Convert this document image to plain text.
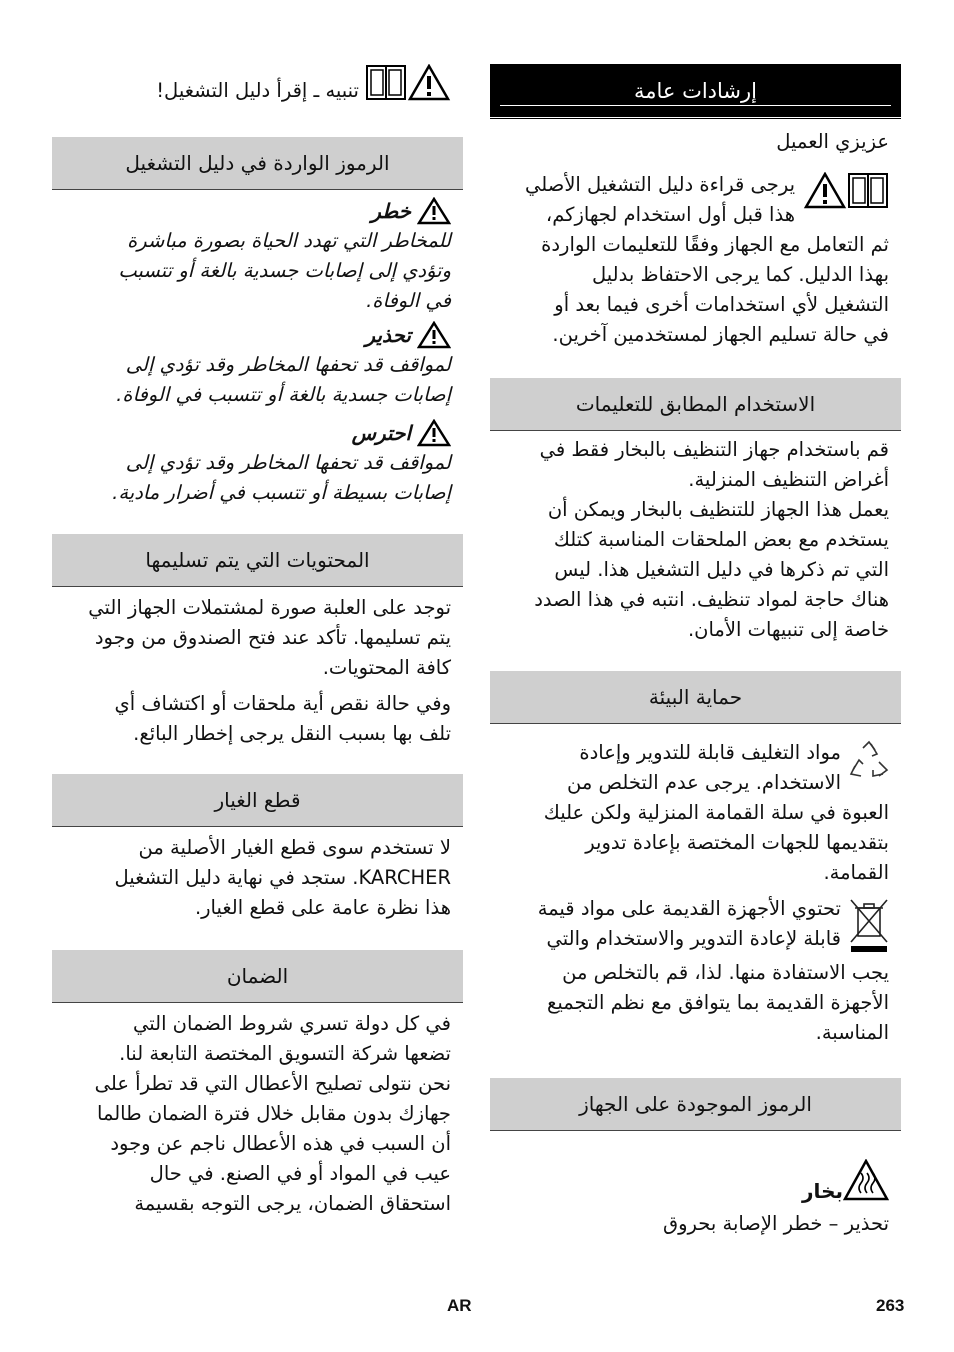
إرشادات عامة

عزيزي العميل

يرجى قراءة دليل التشغيل الأصلي

هذا قبل أول استخدام لجهازكم،

ثم التعامل مع الجهاز وفقًا للتعليمات الواردة

بهذا الدليل. كما يرجى الاحتفاظ بدليل

التشغيل لأي استخدامات أخرى فيما بعد أو

في حالة تسليم الجهاز لمستخدمين آخرين.

الاستخدام المطابق للتعليمات

قم باستخدام جهاز التنظيف بالبخار فقط في

أغراض التنظيف المنزلية.

يعمل هذا الجهاز للتنظيف بالبخار ويمكن أن

يستخدم مع بعض الملحقات المناسبة كتلك

التي تم ذكرها في دليل التشغيل هذا. ليس

هناك حاجة لمواد تنظيف. انتبه في هذا الصدد

خاصة إلى تنبيهات الأمان.

حماية البيئة

مواد التغليف قابلة للتدوير وإعادة

الاستخدام. يرجى عدم التخلص من

العبوة في سلة القمامة المنزلية ولكن عليك

بتقديمها للجهات المختصة بإعادة تدوير

القمامة.

تحتوي الأجهزة القديمة على مواد قيمة

قابلة لإعادة التدوير والاستخدام والتي

يجب الاستفادة منها. لذا، قم بالتخلص من

الأجهزة القديمة بما يتوافق مع نظم التجميع

المناسبة.

الرموز الموجودة على الجهاز
بخار

تحذير – خطر الإصابة بحروق

تنبيه ـ إقرأ دليل التشغيل!
الرموز الواردة في دليل التشغيل
خطر

للمخاطر التي تهدد الحياة بصورة مباشرة

وتؤدي إلى إصابات جسدية بالغة أو تتسبب

في الوفاة.

تحذير

لمواقف قد تحفها المخاطر وقد تؤدي إلى

إصابات جسدية بالغة أو تتسبب في الوفاة.

احترس

لمواقف قد تحفها المخاطر وقد تؤدي إلى

إصابات بسيطة أو تتسبب في أضرار مادية.

المحتويات التي يتم تسليمها

توجد على العلبة صورة لمشتملات الجهاز التي

يتم تسليمها. تأكد عند فتح الصندوق من وجود

كافة المحتويات.

وفي حالة نقص أية ملحقات أو اكتشاف أي

تلف بها بسبب النقل يرجى إخطار البائع.

قطع الغيار

لا تستخدم سوى قطع الغيار الأصلية من

KARCHER. ستجد في نهاية دليل التشغيل

هذا نظرة عامة على قطع الغيار.

الضمان

في كل دولة تسري شروط الضمان التي

تضعها شركة التسويق المختصة التابعة لنا.

نحن نتولى تصليح الأعطال التي قد تطرأ على

جهازك بدون مقابل خلال فترة الضمان طالما

أن السبب في هذه الأعطال ناجم عن وجود

عيب في المواد أو في الصنع. في حال

استحقاق الضمان، يرجى التوجه بقسيمة

AR	263
